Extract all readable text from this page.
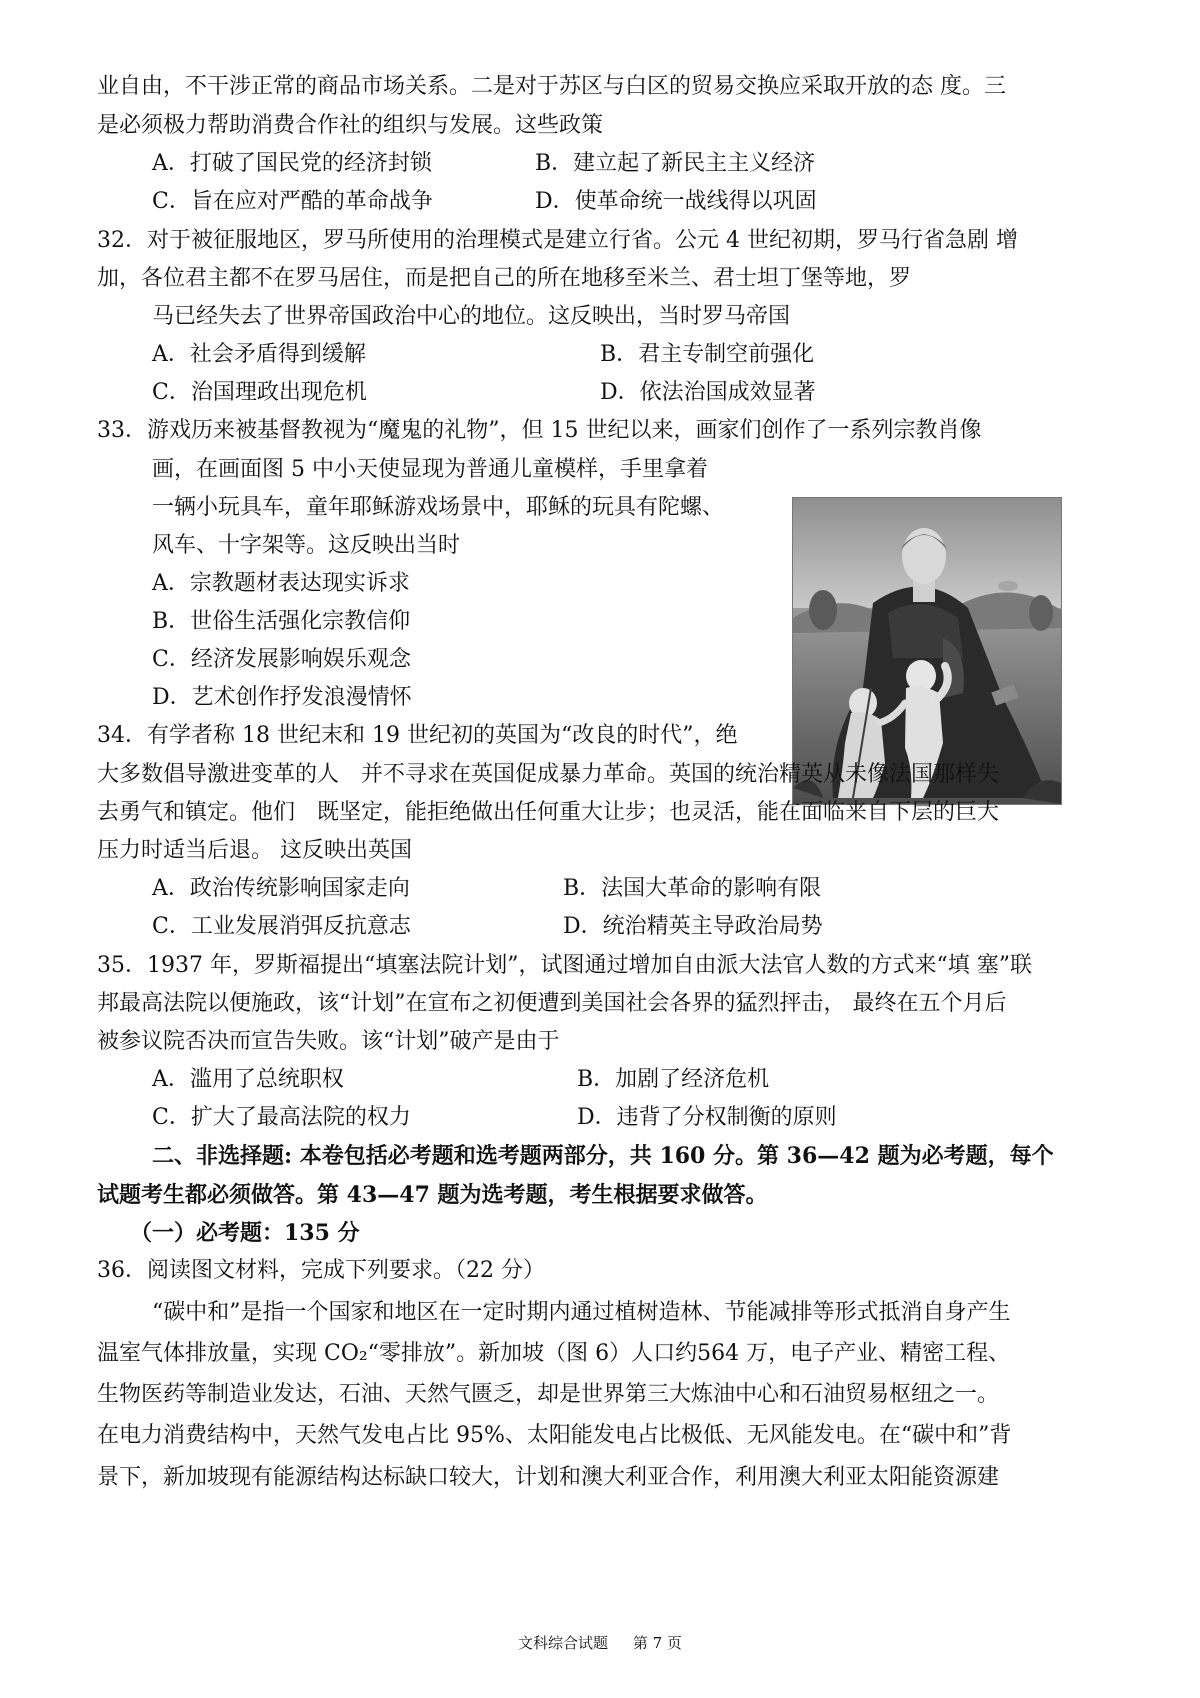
业自由，不干涉正常的商品市场关系。二是对于苏区与白区的贸易交换应采取开放的态 度。三
是必须极力帮助消费合作社的组织与发展。这些政策
A．打破了国民党的经济封锁	B．建立起了新民主主义经济
C．旨在应对严酷的革命战争	D．使革命统一战线得以巩固
32．对于被征服地区，罗马所使用的治理模式是建立行省。公元 4 世纪初期，罗马行省急剧 增
加，各位君主都不在罗马居住，而是把自己的所在地移至米兰、君士坦丁堡等地，罗
马已经失去了世界帝国政治中心的地位。这反映出，当时罗马帝国
A．社会矛盾得到缓解	B．君主专制空前强化
C．治国理政出现危机	D．依法治国成效显著
33．游戏历来被基督教视为“魔鬼的礼物”，但 15 世纪以来，画家们创作了一系列宗教肖像
画，在画面图 5 中小天使显现为普通儿童模样，手里拿着
一辆小玩具车，童年耶稣游戏场景中，耶稣的玩具有陀螺、
风车、十字架等。这反映出当时
A．宗教题材表达现实诉求
B．世俗生活强化宗教信仰
C．经济发展影响娱乐观念
D．艺术创作抒发浪漫情怀
34．有学者称 18 世纪末和 19 世纪初的英国为“改良的时代”，绝
大多数倡导激进变革的人　并不寻求在英国促成暴力革命。英国的统治精英从未像法国那样失
去勇气和镇定。他们　既坚定，能拒绝做出任何重大让步；也灵活，能在面临来自下层的巨大
压力时适当后退。 这反映出英国
A．政治传统影响国家走向	B．法国大革命的影响有限
C．工业发展消弭反抗意志	D．统治精英主导政治局势
35．1937 年，罗斯福提出“填塞法院计划”，试图通过增加自由派大法官人数的方式来“填 塞”联
邦最高法院以便施政，该“计划”在宣布之初便遭到美国社会各界的猛烈抨击， 最终在五个月后
被参议院否决而宣告失败。该“计划”破产是由于
A．滥用了总统职权	B．加剧了经济危机
C．扩大了最高法院的权力	D．违背了分权制衡的原则
二、非选择题: 本卷包括必考题和选考题两部分，共 160 分。第 36—42 题为必考题，每个
试题考生都必须做答。第 43—47 题为选考题，考生根据要求做答。
（一）必考题：135 分
36．阅读图文材料，完成下列要求。（22 分）
“碳中和”是指一个国家和地区在一定时期内通过植树造林、节能减排等形式抵消自身产生
温室气体排放量，实现 CO₂“零排放”。新加坡（图 6）人口约564 万，电子产业、精密工程、
生物医药等制造业发达，石油、天然气匮乏，却是世界第三大炼油中心和石油贸易枢纽之一。
在电力消费结构中，天然气发电占比 95%、太阳能发电占比极低、无风能发电。在“碳中和”背
景下，新加坡现有能源结构达标缺口较大，计划和澳大利亚合作，利用澳大利亚太阳能资源建
文科综合试题 第 7 页
